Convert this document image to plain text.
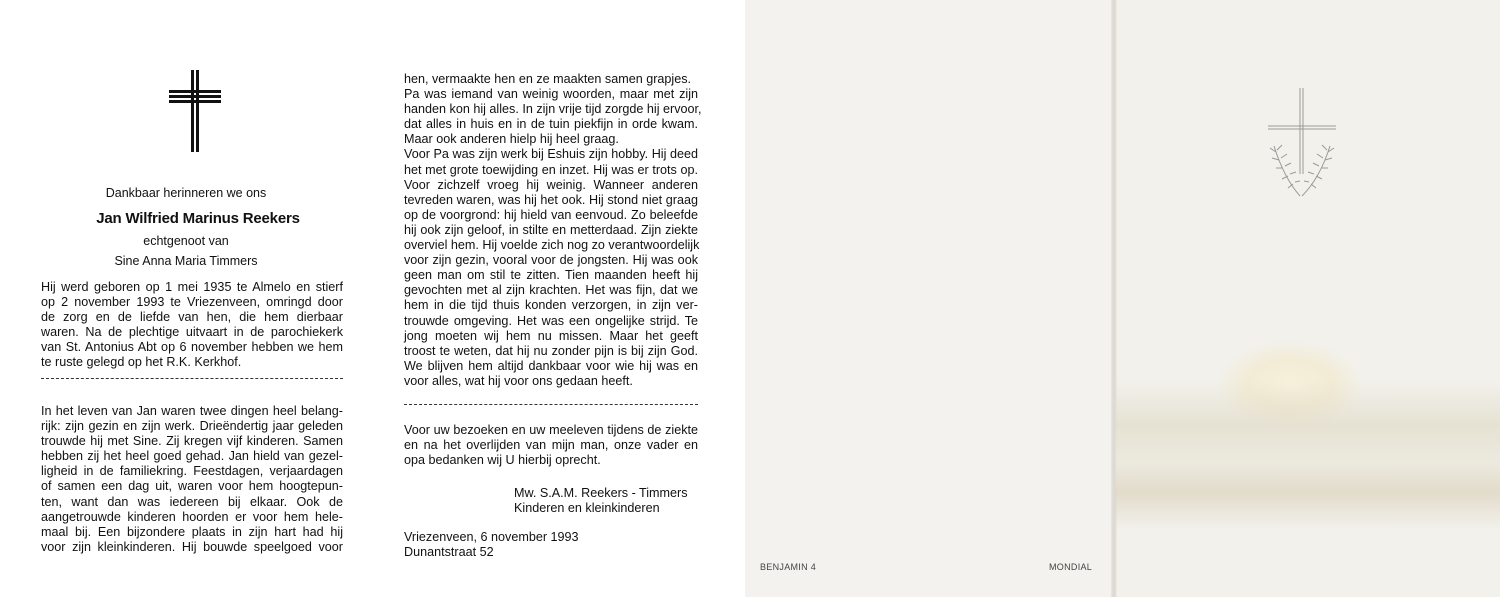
Dankbaar herinneren we ons
Jan Wilfried Marinus Reekers
echtgenoot van
Sine Anna Maria Timmers
Hij werd geboren op 1 mei 1935 te Almelo en stierf
op 2 november 1993 te Vriezenveen, omringd door
de zorg en de liefde van hen, die hem dierbaar
waren. Na de plechtige uitvaart in de parochiekerk
van St. Antonius Abt op 6 november hebben we hem
te ruste gelegd op het R.K. Kerkhof.
In het leven van Jan waren twee dingen heel belang-
rijk: zijn gezin en zijn werk. Drieëndertig jaar geleden
trouwde hij met Sine. Zij kregen vijf kinderen. Samen
hebben zij het heel goed gehad. Jan hield van gezel-
ligheid in de familiekring. Feestdagen, verjaardagen
of samen een dag uit, waren voor hem hoogtepun-
ten, want dan was iedereen bij elkaar. Ook de
aangetrouwde kinderen hoorden er voor hem hele-
maal bij. Een bijzondere plaats in zijn hart had hij
voor zijn kleinkinderen. Hij bouwde speelgoed voor
hen, vermaakte hen en ze maakten samen grapjes.
Pa was iemand van weinig woorden, maar met zijn
handen kon hij alles. In zijn vrije tijd zorgde hij ervoor,
dat alles in huis en in de tuin piekfijn in orde kwam.
Maar ook anderen hielp hij heel graag.
Voor Pa was zijn werk bij Eshuis zijn hobby. Hij deed
het met grote toewijding en inzet. Hij was er trots op.
Voor zichzelf vroeg hij weinig. Wanneer anderen
tevreden waren, was hij het ook. Hij stond niet graag
op de voorgrond: hij hield van eenvoud. Zo beleefde
hij ook zijn geloof, in stilte en metterdaad. Zijn ziekte
overviel hem. Hij voelde zich nog zo verantwoordelijk
voor zijn gezin, vooral voor de jongsten. Hij was ook
geen man om stil te zitten. Tien maanden heeft hij
gevochten met al zijn krachten. Het was fijn, dat we
hem in die tijd thuis konden verzorgen, in zijn ver-
trouwde omgeving. Het was een ongelijke strijd. Te
jong moeten wij hem nu missen. Maar het geeft
troost te weten, dat hij nu zonder pijn is bij zijn God.
We blijven hem altijd dankbaar voor wie hij was en
voor alles, wat hij voor ons gedaan heeft.
Voor uw bezoeken en uw meeleven tijdens de ziekte
en na het overlijden van mijn man, onze vader en
opa bedanken wij U hierbij oprecht.
Mw. S.A.M. Reekers - Timmers
Kinderen en kleinkinderen
Vriezenveen, 6 november 1993
Dunantstraat 52
BENJAMIN 4	MONDIAL
